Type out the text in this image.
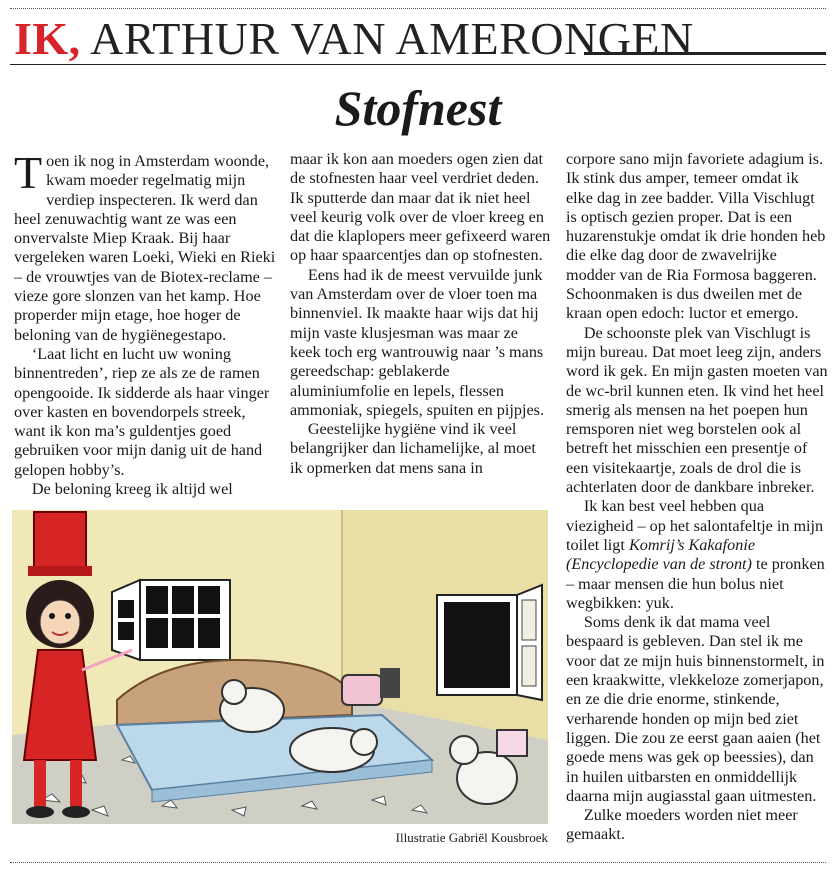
IK, ARTHUR VAN AMERONGEN
Stofnest

T oen ik nog in Amsterdam woonde, kwam moeder regelmatig mijn verdiep inspecteren. Ik werd dan heel zenuwachtig want ze was een onvervalste Miep Kraak. Bij haar vergeleken waren Loeki, Wieki en Rieki – de vrouwtjes van de Biotex-reclame – vieze gore slonzen van het kamp. Hoe properder mijn etage, hoe hoger de beloning van de hygiënegestapo.

‘Laat licht en lucht uw woning binnentreden’, riep ze als ze de ramen opengooide. Ik sidderde als haar vinger over kasten en bovendorpels streek, want ik kon ma’s guldentjes goed gebruiken voor mijn danig uit de hand gelopen hobby’s.

De beloning kreeg ik altijd wel

maar ik kon aan moeders ogen zien dat de stofnesten haar veel verdriet deden. Ik sputterde dan maar dat ik niet heel veel keurig volk over de vloer kreeg en dat die klaplopers meer gefixeerd waren op haar spaarcentjes dan op stofnesten.

Eens had ik de meest vervuilde junk van Amsterdam over de vloer toen ma binnenviel. Ik maakte haar wijs dat hij mijn vaste klusjesman was maar ze keek toch erg wantrouwig naar ’s mans gereedschap: geblakerde aluminiumfolie en lepels, flessen ammoniak, spiegels, spuiten en pijpjes.

Geestelijke hygiëne vind ik veel belangrijker dan lichamelijke, al moet ik opmerken dat mens sana in

corpore sano mijn favoriete adagium is. Ik stink dus amper, temeer omdat ik elke dag in zee badder. Villa Vischlugt is optisch gezien proper. Dat is een huzarenstukje omdat ik drie honden heb die elke dag door de zwavelrijke modder van de Ria Formosa baggeren. Schoonmaken is dus dweilen met de kraan open edoch: luctor et emergo.

De schoonste plek van Vischlugt is mijn bureau. Dat moet leeg zijn, anders word ik gek. En mijn gasten moeten van de wc-bril kunnen eten. Ik vind het heel smerig als mensen na het poepen hun remsporen niet weg borstelen ook al betreft het misschien een presentje of een visitekaartje, zoals de drol die is achterlaten door de dankbare inbreker.

Ik kan best veel hebben qua viezigheid – op het salontafeltje in mijn toilet ligt Komrij’s Kakafonie (Encyclopedie van de stront) te pronken – maar mensen die hun bolus niet wegbikken: yuk.

Soms denk ik dat mama veel bespaard is gebleven. Dan stel ik me voor dat ze mijn huis binnenstormelt, in een kraakwitte, vlekkeloze zomerjapon, en ze die drie enorme, stinkende, verharende honden op mijn bed ziet liggen. Die zou ze eerst gaan aaien (het goede mens was gek op beessies), dan in huilen uitbarsten en onmiddellijk daarna mijn augiasstal gaan uitmesten.

Zulke moeders worden niet meer gemaakt.

Illustratie Gabriël Kousbroek
